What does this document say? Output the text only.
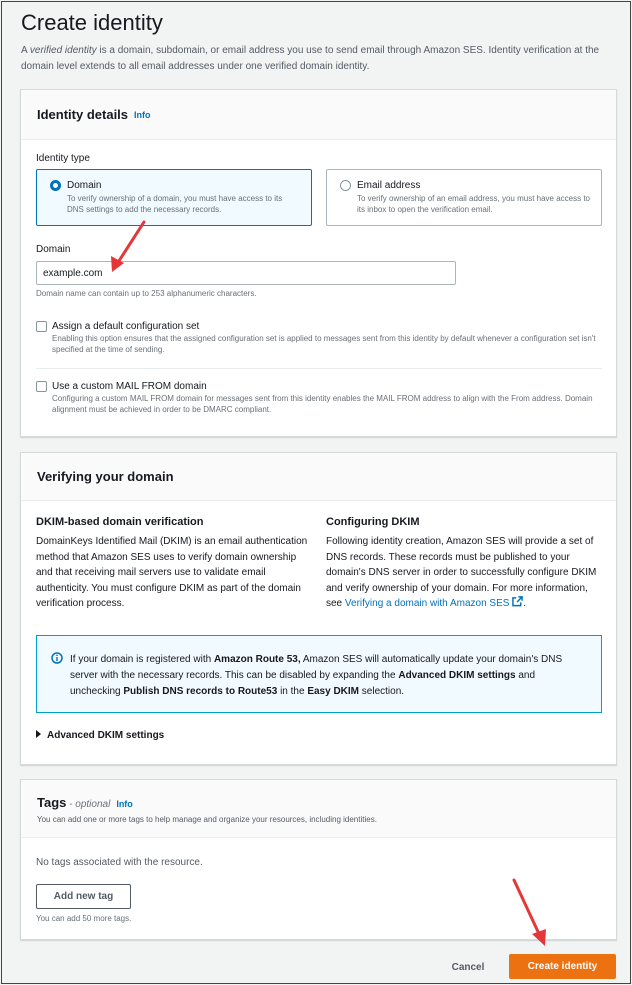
Create identity

A verified identity is a domain, subdomain, or email address you use to send email through Amazon SES. Identity verification at the domain level extends to all email addresses under one verified domain identity.

Identity details Info
Identity type
Domain
To verify ownership of a domain, you must have access to its DNS settings to add the necessary records.
Email address
To verify ownership of an email address, you must have access to its inbox to open the verification email.
Domain
example.com
Domain name can contain up to 253 alphanumeric characters.
Assign a default configuration set
Enabling this option ensures that the assigned configuration set is applied to messages sent from this identity by default whenever a configuration set isn't specified at the time of sending.
Use a custom MAIL FROM domain
Configuring a custom MAIL FROM domain for messages sent from this identity enables the MAIL FROM address to align with the From address. Domain alignment must be achieved in order to be DMARC compliant.
Verifying your domain
DKIM-based domain verification
DomainKeys Identified Mail (DKIM) is an email authentication method that Amazon SES uses to verify domain ownership and that receiving mail servers use to validate email authenticity. You must configure DKIM as part of the domain verification process.
Configuring DKIM
Following identity creation, Amazon SES will provide a set of DNS records. These records must be published to your domain's DNS server in order to successfully configure DKIM and verify ownership of your domain. For more information, see Verifying a domain with Amazon SES .
If your domain is registered with Amazon Route 53, Amazon SES will automatically update your domain's DNS server with the necessary records. This can be disabled by expanding the Advanced DKIM settings and unchecking Publish DNS records to Route53 in the Easy DKIM selection.
Advanced DKIM settings
Tags - optional Info
You can add one or more tags to help manage and organize your resources, including identities.
No tags associated with the resource.
Add new tag
You can add 50 more tags.
Cancel	Create identity
